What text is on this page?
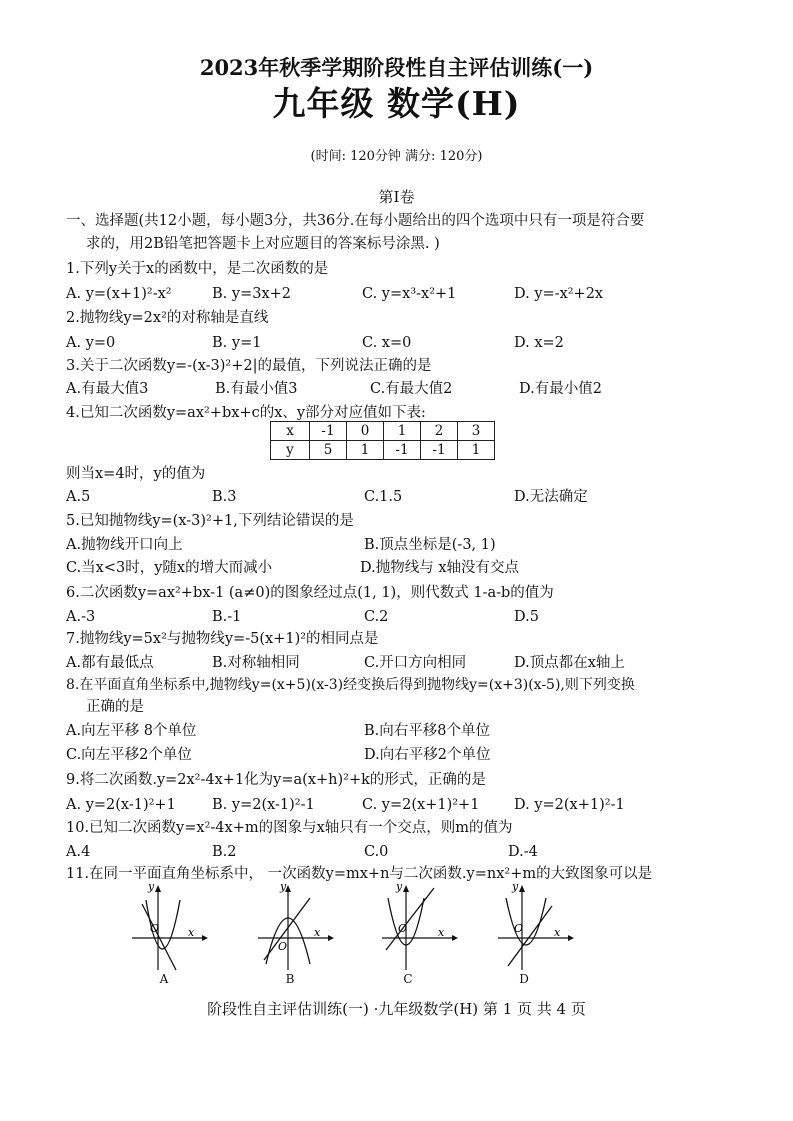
2023年秋季学期阶段性自主评估训练(一)
九年级 数学(H)
(时间: 120分钟 满分: 120分)
第Ⅰ卷
一、选择题(共12小题，每小题3分，共36分.在每小题给出的四个选项中只有一项是符合要
求的，用2B铅笔把答题卡上对应题目的答案标号涂黑. )
1.下列y关于x的函数中，是二次函数的是
A. y=(x+1)²-x²	B. y=3x+2	C. y=x³-x²+1	D. y=-x²+2x
2.抛物线y=2x²的对称轴是直线
A. y=0	B. y=1	C. x=0	D. x=2
3.关于二次函数y=-(x-3)²+2|的最值，下列说法正确的是
A.有最大值3	B.有最小值3	C.有最大值2	D.有最小值2
4.已知二次函数y=ax²+bx+c的x、y部分对应值如下表:
x	-1	0	1	2	3
y	5	1	-1	-1	1
则当x=4时，y的值为
A.5	B.3	C.1.5	D.无法确定
5.已知抛物线y=(x-3)²+1,下列结论错误的是
A.抛物线开口向上	B.顶点坐标是(-3, 1)
C.当x<3时，y随x的增大而减小	D.抛物线与 x轴没有交点
6.二次函数y=ax²+bx-1 (a≠0)的图象经过点(1, 1)，则代数式 1-a-b的值为
A.-3	B.-1	C.2	D.5
7.抛物线y=5x²与抛物线y=-5(x+1)²的相同点是
A.都有最低点	B.对称轴相同	C.开口方向相同	D.顶点都在x轴上
8.在平面直角坐标系中,抛物线y=(x+5)(x-3)经变换后得到抛物线y=(x+3)(x-5),则下列变换
正确的是
A.向左平移 8个单位	B.向右平移8个单位
C.向左平移2个单位	D.向右平移2个单位
9.将二次函数.y=2x²-4x+1化为y=a(x+h)²+k的形式，正确的是
A. y=2(x-1)²+1 B. y=2(x-1)²-1	C. y=2(x+1)²+1 D. y=2(x+1)²-1
10.已知二次函数y=x²-4x+m的图象与x轴只有一个交点，则m的值为
A.4	B.2	C.0	D.-4
11.在同一平面直角坐标系中， 一次函数y=mx+n与二次函数.y=nx²+m的大致图象可以是
y
x
O
A
y
x
O
B
y
x
O
C
y
x
O
D
阶段性自主评估训练(一) ·九年级数学(H) 第 1 页 共 4 页
